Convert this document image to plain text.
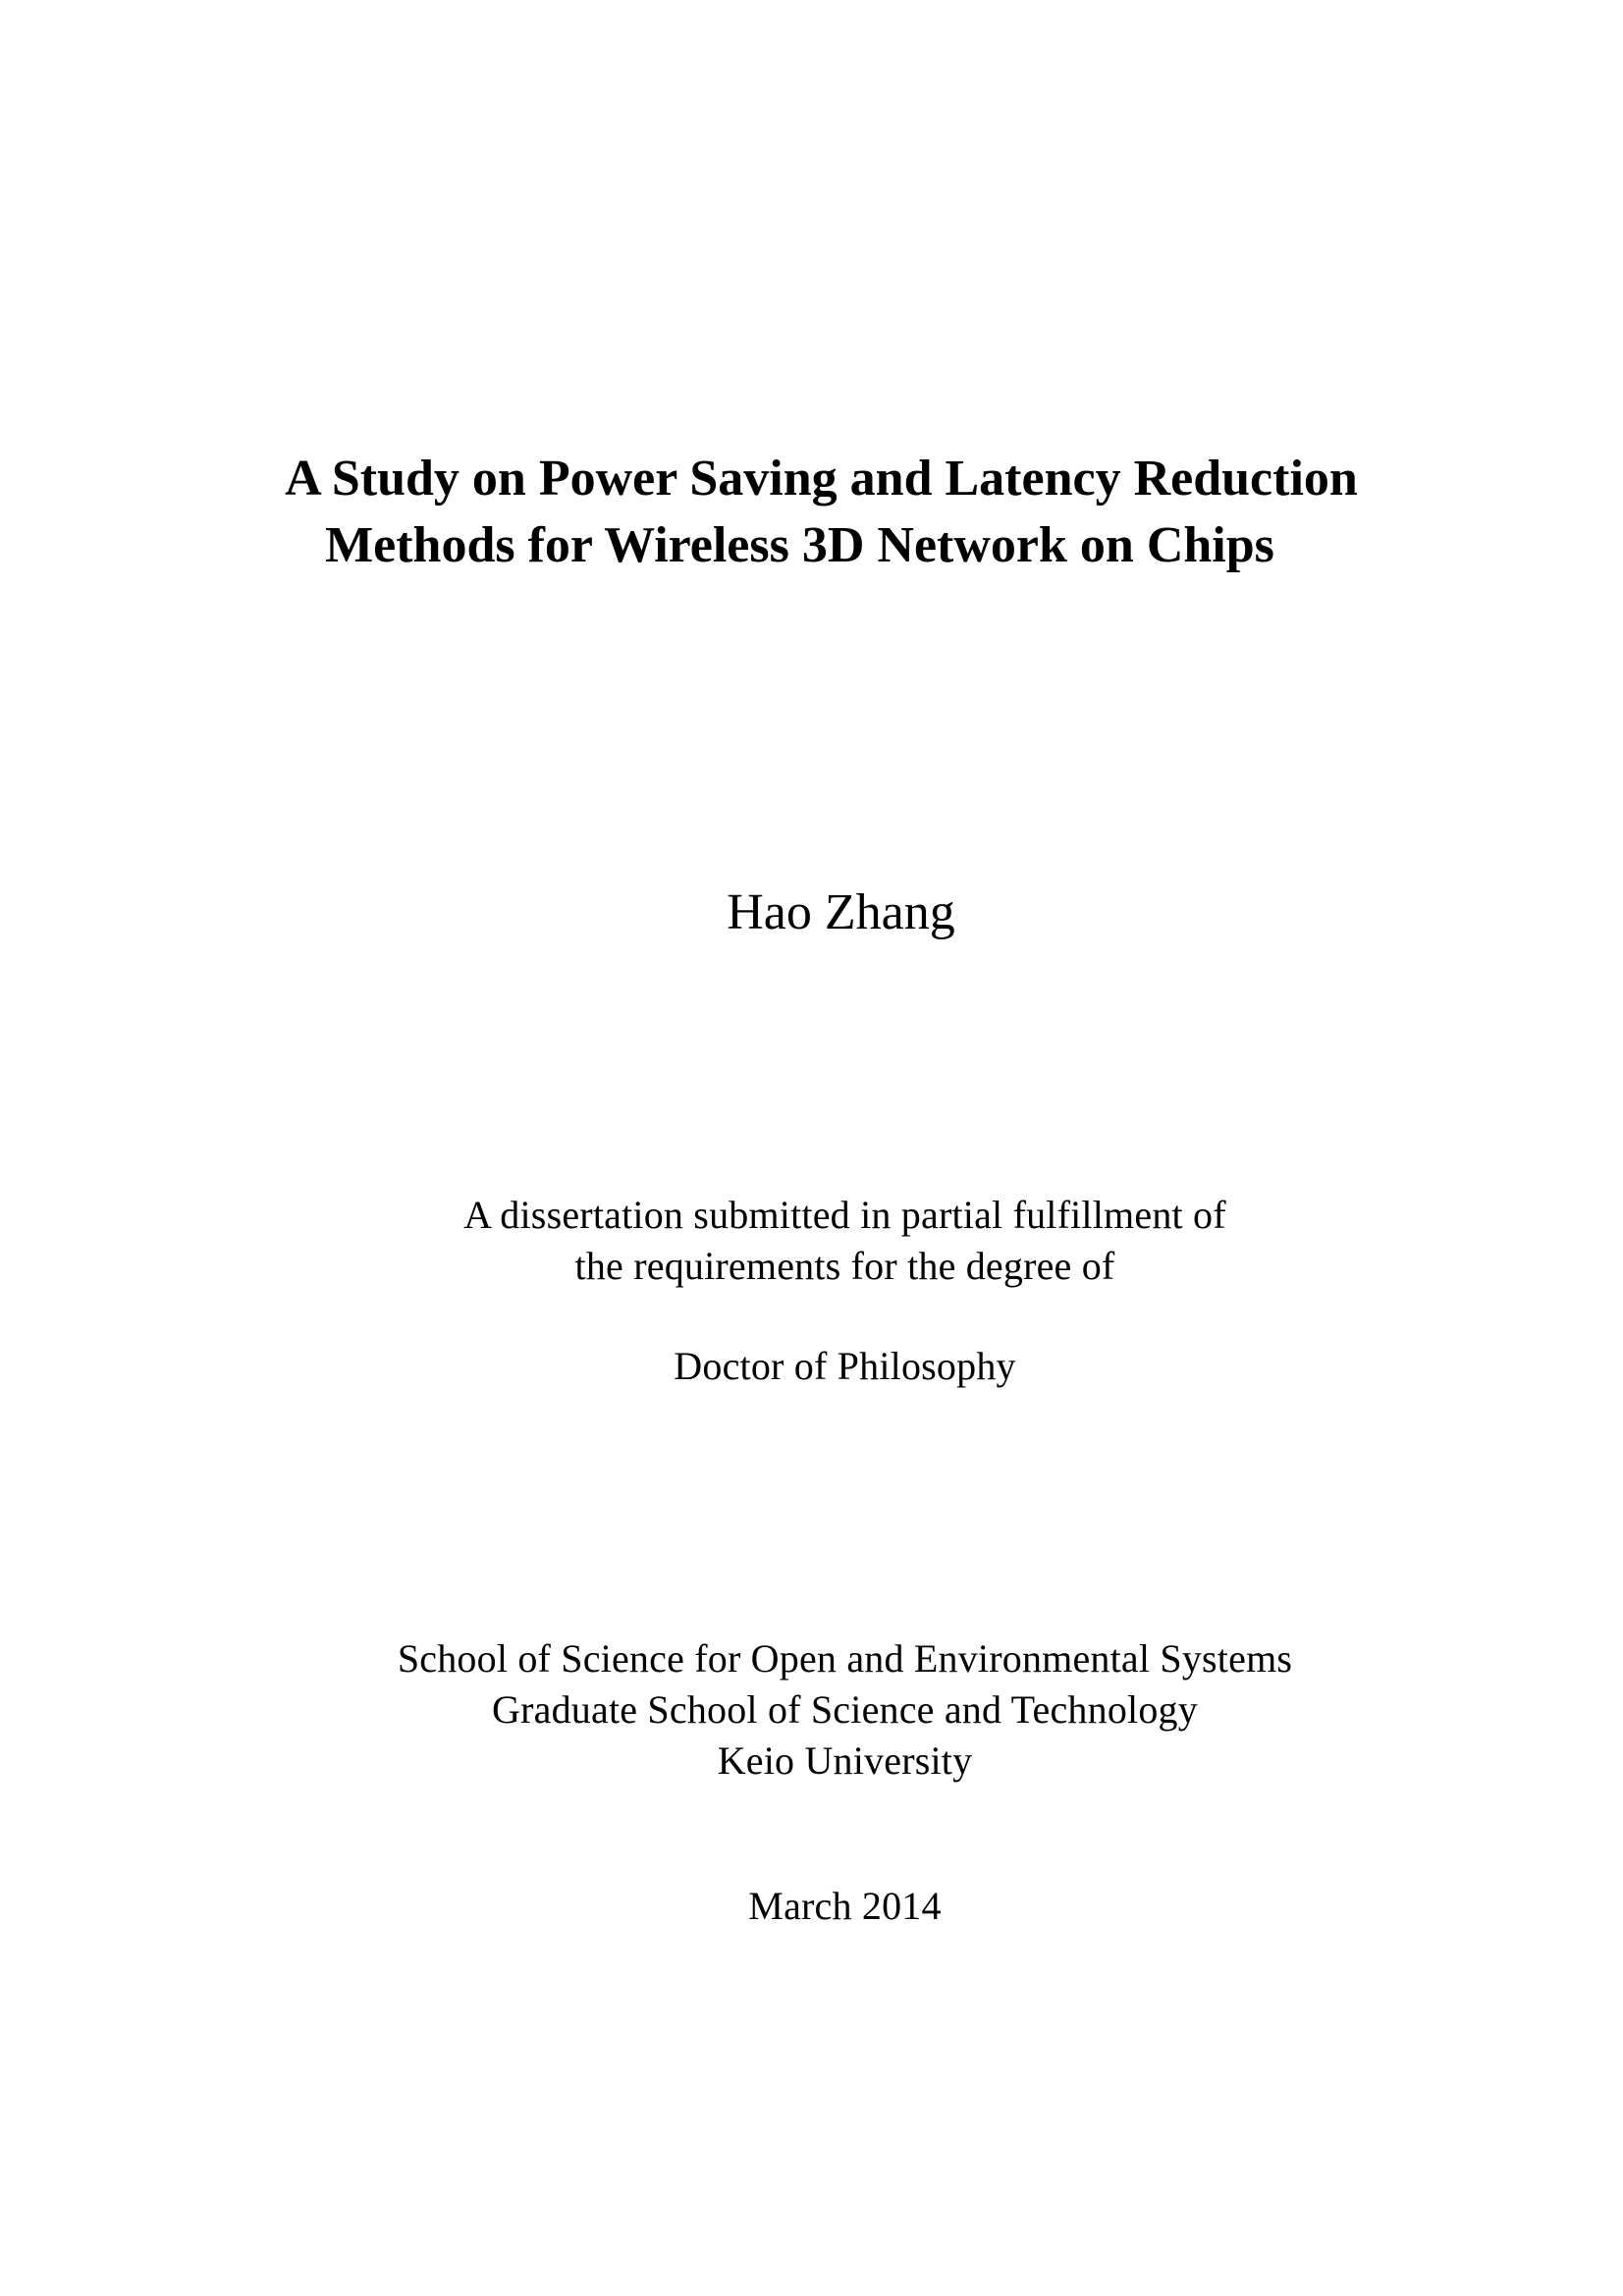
A Study on Power Saving and Latency Reduction
Methods for Wireless 3D Network on Chips
Hao Zhang
A dissertation submitted in partial fulfillment of
the requirements for the degree of
Doctor of Philosophy
School of Science for Open and Environmental Systems
Graduate School of Science and Technology
Keio University
March 2014
